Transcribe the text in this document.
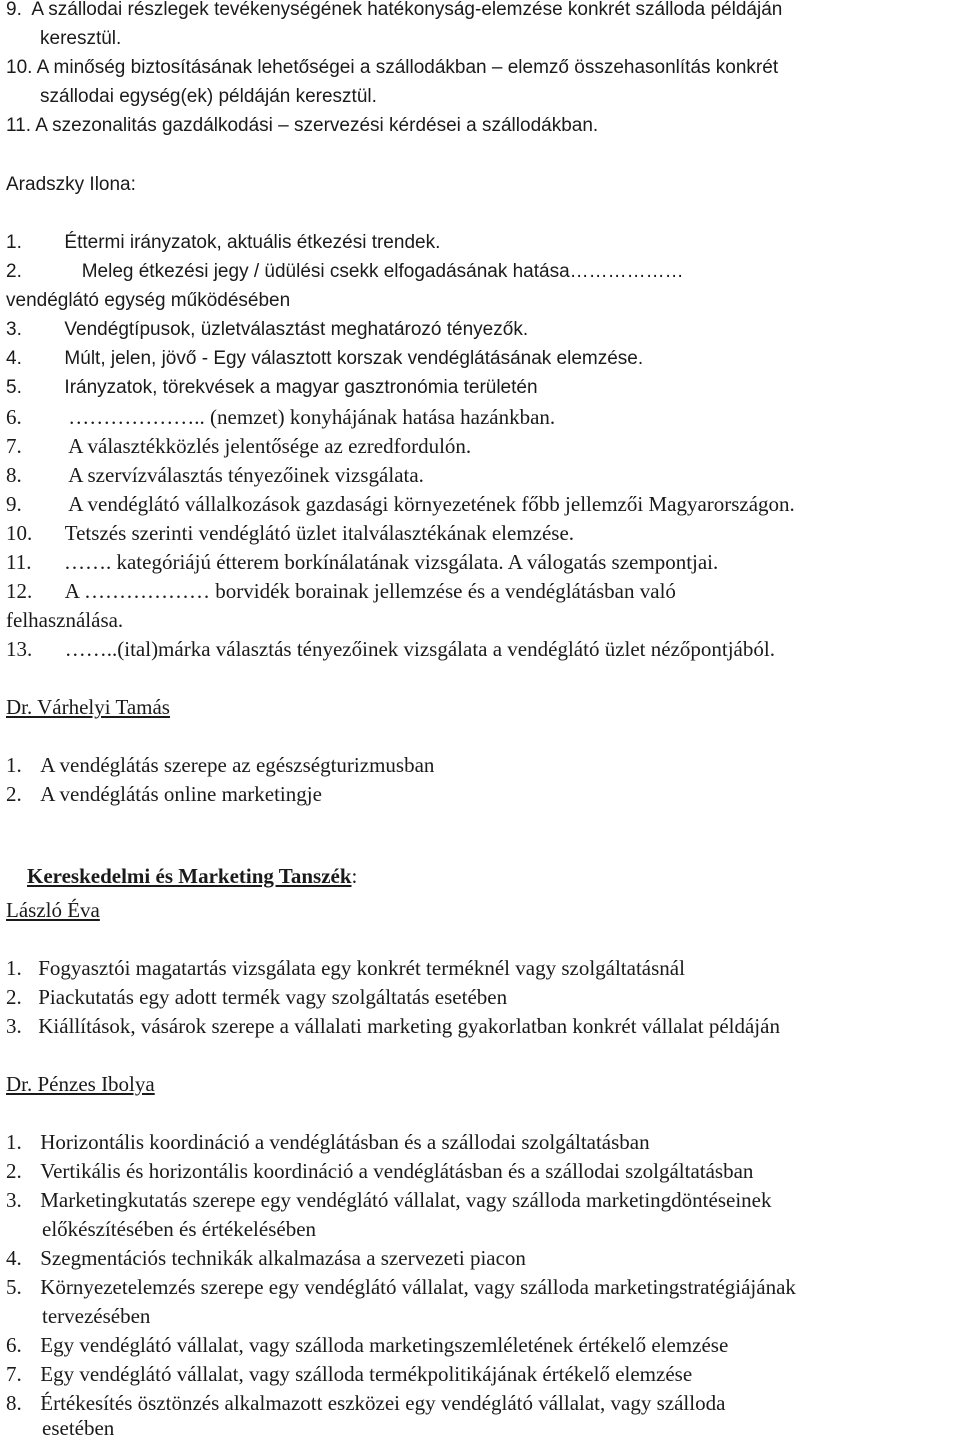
9. A szállodai részlegek tevékenységének hatékonyság-elemzése konkrét szálloda példáján
keresztül.
10. A minőség biztosításának lehetőségei a szállodákban – elemző összehasonlítás konkrét
szállodai egység(ek) példáján keresztül.
11. A szezonalitás gazdálkodási – szervezési kérdései a szállodákban.
Aradszky Ilona:
1. Éttermi irányzatok, aktuális étkezési trendek.
2.	Meleg étkezési jegy / üdülési csekk elfogadásának hatása………………
vendéglátó egység működésében
3. Vendégtípusok, üzletválasztást meghatározó tényezők.
4. Múlt, jelen, jövő - Egy választott korszak vendéglátásának elemzése.
5. Irányzatok, törekvések a magyar gasztronómia területén
6. ……………….. (nemzet) konyhájának hatása hazánkban.
7. A választékközlés jelentősége az ezredfordulón.
8. A szervízválasztás tényezőinek vizsgálata.
9. A vendéglátó vállalkozások gazdasági környezetének főbb jellemzői Magyarországon.
10. Tetszés szerinti vendéglátó üzlet italválasztékának elemzése.
11. ……. kategóriájú étterem borkínálatának vizsgálata. A válogatás szempontjai.
12. A ……………… borvidék borainak jellemzése és a vendéglátásban való
felhasználása.
13. ……..(ital)márka választás tényezőinek vizsgálata a vendéglátó üzlet nézőpontjából.
Dr. Várhelyi Tamás
1. A vendéglátás szerepe az egészségturizmusban
2. A vendéglátás online marketingje

Kereskedelmi és Marketing Tanszék:

László Éva
1. Fogyasztói magatartás vizsgálata egy konkrét terméknél vagy szolgáltatásnál
2. Piackutatás egy adott termék vagy szolgáltatás esetében
3. Kiállítások, vásárok szerepe a vállalati marketing gyakorlatban konkrét vállalat példáján
Dr. Pénzes Ibolya
1. Horizontális koordináció a vendéglátásban és a szállodai szolgáltatásban
2. Vertikális és horizontális koordináció a vendéglátásban és a szállodai szolgáltatásban
3. Marketingkutatás szerepe egy vendéglátó vállalat, vagy szálloda marketingdöntéseinek
előkészítésében és értékelésében
4. Szegmentációs technikák alkalmazása a szervezeti piacon
5. Környezetelemzés szerepe egy vendéglátó vállalat, vagy szálloda marketingstratégiájának
tervezésében
6. Egy vendéglátó vállalat, vagy szálloda marketingszemléletének értékelő elemzése
7. Egy vendéglátó vállalat, vagy szálloda termékpolitikájának értékelő elemzése
8. Értékesítés ösztönzés alkalmazott eszközei egy vendéglátó vállalat, vagy szálloda
esetében
